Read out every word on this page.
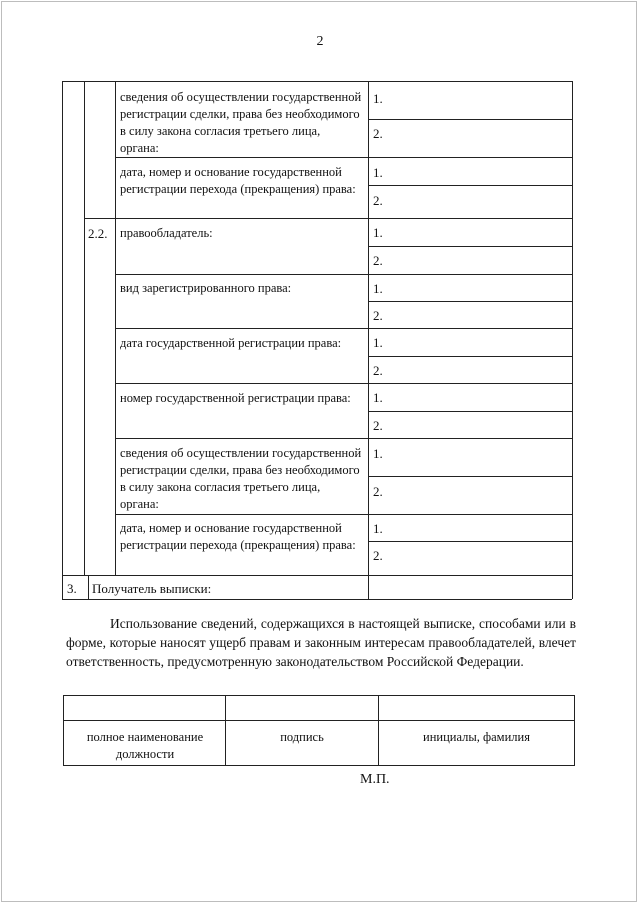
2
сведения об осуществлении государственной регистрации сделки, права без необходимого в силу закона согласия третьего лица, органа:
дата, номер и основание государственной регистрации перехода (прекращения) права:
1.
2.
1.
2.
2.2. правообладатель:
вид зарегистрированного права:
дата государственной регистрации права:
номер государственной регистрации права:
сведения об осуществлении государственной регистрации сделки, права без необходимого в силу закона согласия третьего лица, органа:
дата, номер и основание государственной регистрации перехода (прекращения) права:
1.
2.
1.
2.
1.
2.
1.
2.
1.
2.
1.
2.
3. Получатель выписки:
Использование сведений, содержащихся в настоящей выписке, способами или в форме, которые наносят ущерб правам и законным интересам правообладателей, влечет ответственность, предусмотренную законодательством Российской Федерации.
полное наименование должности
подпись	инициалы, фамилия
М.П.
